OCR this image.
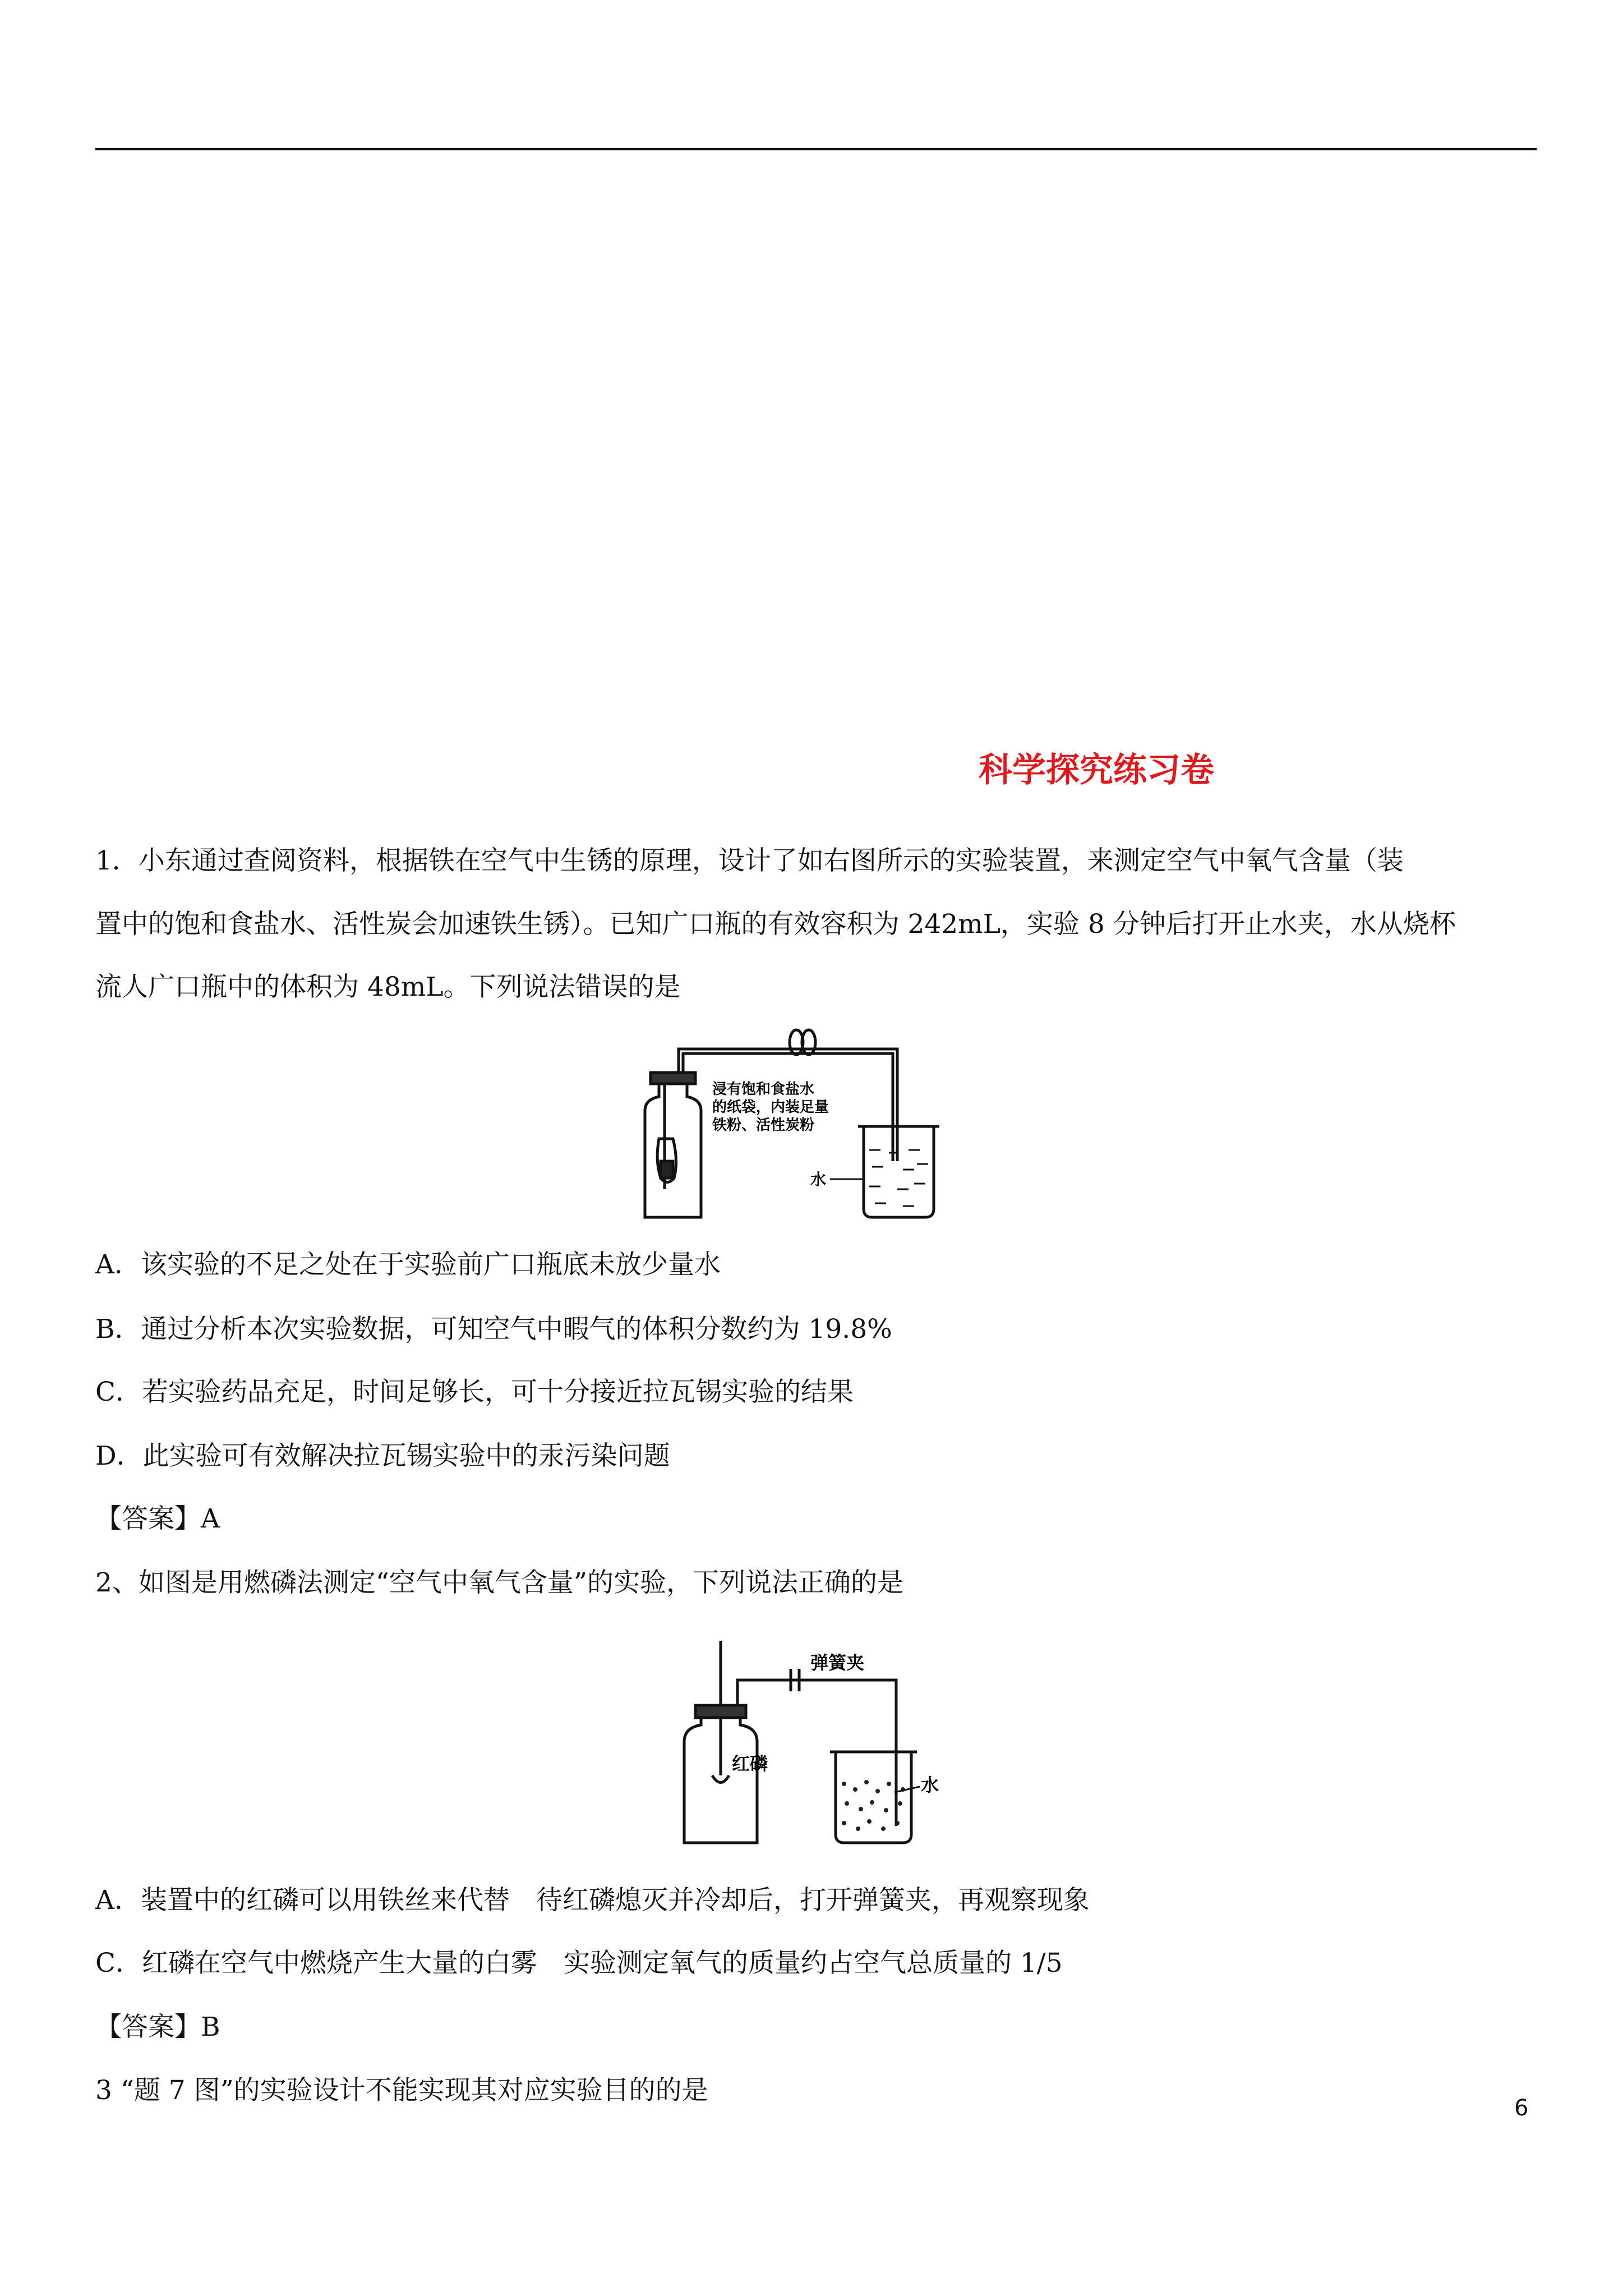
科学探究练习卷
1．小东通过查阅资料，根据铁在空气中生锈的原理，设计了如右图所示的实验装置，来测定空气中氧气含量（装
置中的饱和食盐水、活性炭会加速铁生锈）。已知广口瓶的有效容积为 242mL，实验 8 分钟后打开止水夹，水从烧杯
流人广口瓶中的体积为 48mL。下列说法错误的是
浸有饱和食盐水
的纸袋，内装足量
铁粉、活性炭粉
水
A．该实验的不足之处在于实验前广口瓶底未放少量水
B．通过分析本次实验数据，可知空气中暇气的体积分数约为 19.8%
C．若实验药品充足，时间足够长，可十分接近拉瓦锡实验的结果
D．此实验可有效解决拉瓦锡实验中的汞污染问题
【答案】A
2、如图是用燃磷法测定“空气中氧气含量”的实验，下列说法正确的是
弹簧夹
红磷
水
A．装置中的红磷可以用铁丝来代替　待红磷熄灭并冷却后，打开弹簧夹，再观察现象
C．红磷在空气中燃烧产生大量的白雾　实验测定氧气的质量约占空气总质量的 1/5
【答案】B
3 “题 7 图”的实验设计不能实现其对应实验目的的是
6
